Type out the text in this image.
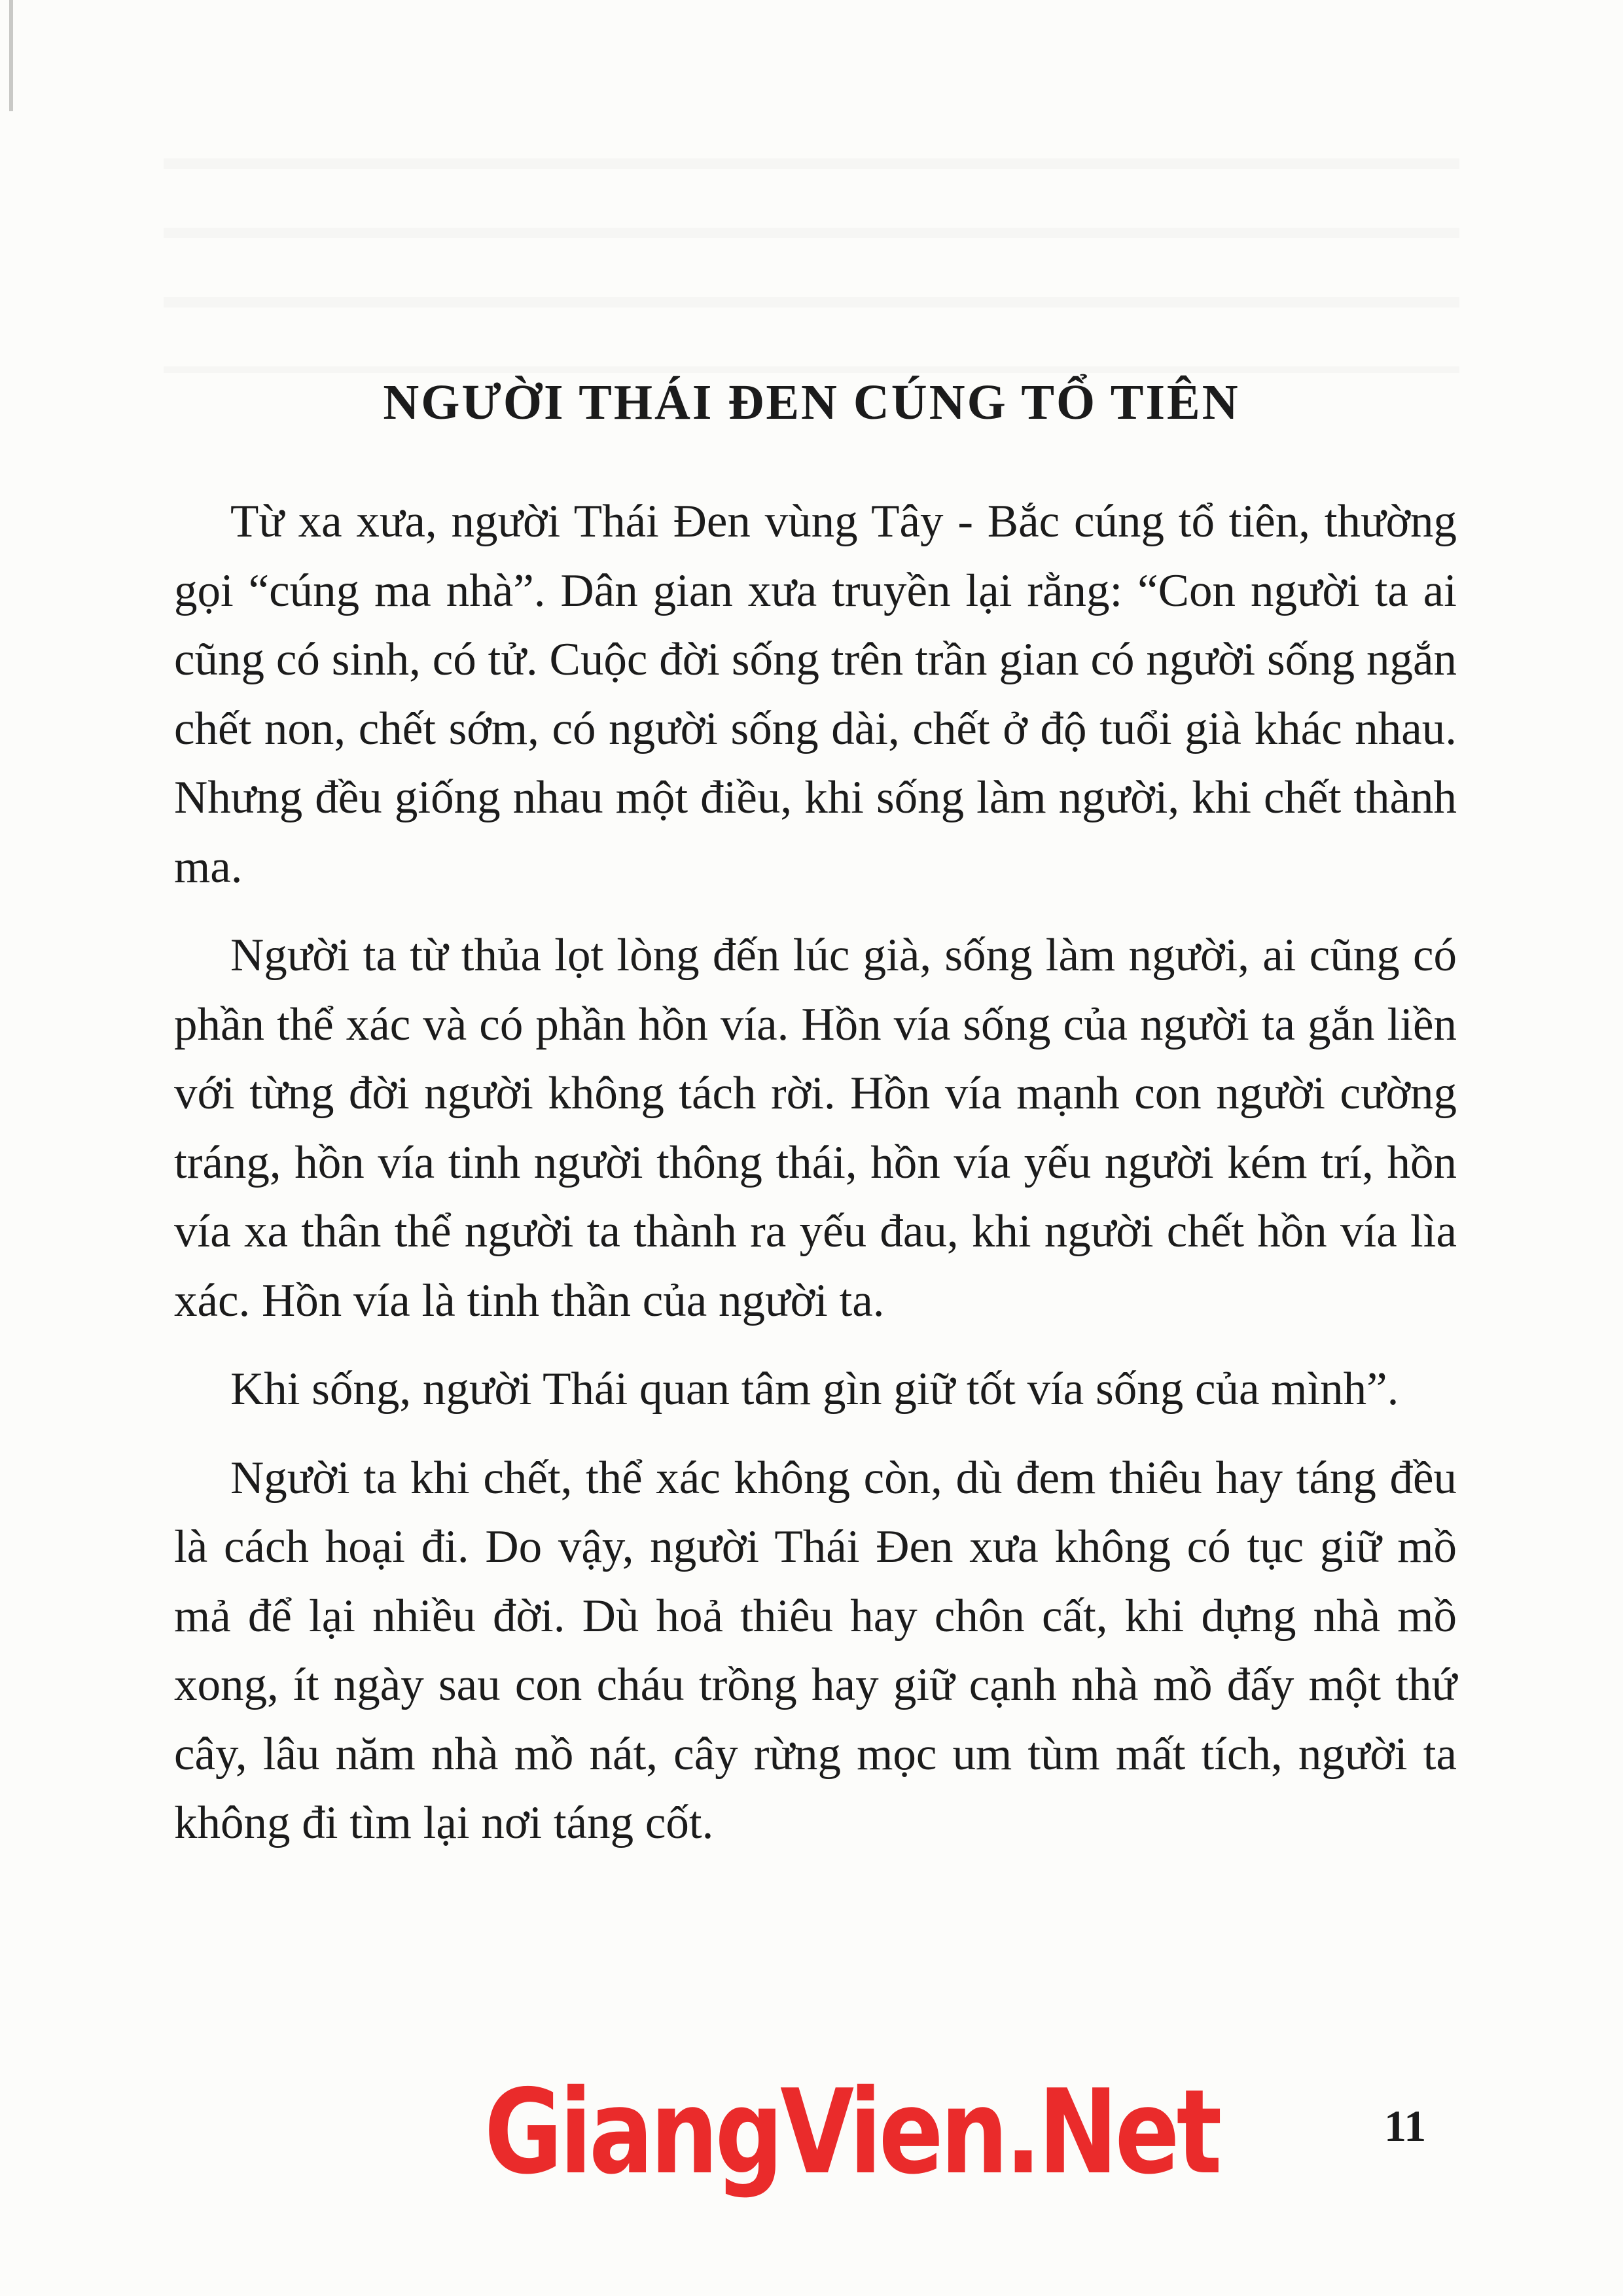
NGƯỜI THÁI ĐEN CÚNG TỔ TIÊN

Từ xa xưa, người Thái Đen vùng Tây - Bắc cúng tổ tiên, thường gọi “cúng ma nhà”. Dân gian xưa truyền lại rằng: “Con người ta ai cũng có sinh, có tử. Cuộc đời sống trên trần gian có người sống ngắn chết non, chết sớm, có người sống dài, chết ở độ tuổi già khác nhau. Nhưng đều giống nhau một điều, khi sống làm người, khi chết thành ma.

Người ta từ thủa lọt lòng đến lúc già, sống làm người, ai cũng có phần thể xác và có phần hồn vía. Hồn vía sống của người ta gắn liền với từng đời người không tách rời. Hồn vía mạnh con người cường tráng, hồn vía tinh người thông thái, hồn vía yếu người kém trí, hồn vía xa thân thể người ta thành ra yếu đau, khi người chết hồn vía lìa xác. Hồn vía là tinh thần của người ta.

Khi sống, người Thái quan tâm gìn giữ tốt vía sống của mình”.

Người ta khi chết, thể xác không còn, dù đem thiêu hay táng đều là cách hoại đi. Do vậy, người Thái Đen xưa không có tục giữ mồ mả để lại nhiều đời. Dù hoả thiêu hay chôn cất, khi dựng nhà mồ xong, ít ngày sau con cháu trồng hay giữ cạnh nhà mồ đấy một thứ cây, lâu năm nhà mồ nát, cây rừng mọc um tùm mất tích, người ta không đi tìm lại nơi táng cốt.

GiangVien.Net	11
